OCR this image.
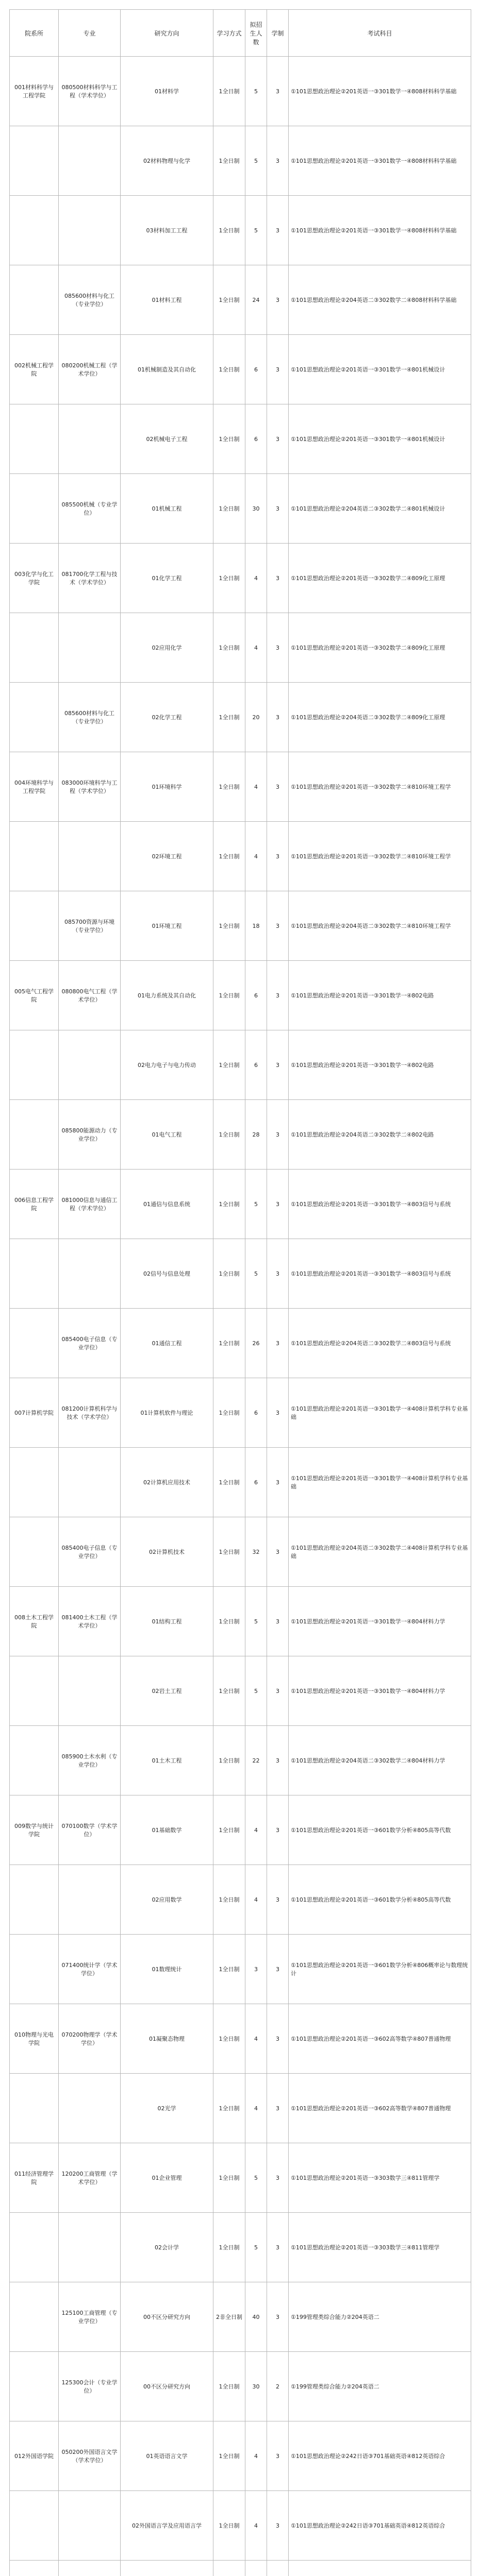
院系所	专业	研究方向	学习方式	拟招生人数	学制	考试科目
001材料科学与工程学院	080500材料科学与工程（学术学位）	01材料学	1全日制	5	3	①101思想政治理论②201英语一③301数学一④808材料科学基础
		02材料物理与化学	1全日制	5	3	①101思想政治理论②201英语一③301数学一④808材料科学基础
		03材料加工工程	1全日制	5	3	①101思想政治理论②201英语一③301数学一④808材料科学基础
	085600材料与化工（专业学位）	01材料工程	1全日制	24	3	①101思想政治理论②204英语二③302数学二④808材料科学基础
002机械工程学院	080200机械工程（学术学位）	01机械制造及其自动化	1全日制	6	3	①101思想政治理论②201英语一③301数学一④801机械设计
		02机械电子工程	1全日制	6	3	①101思想政治理论②201英语一③301数学一④801机械设计
	085500机械（专业学位）	01机械工程	1全日制	30	3	①101思想政治理论②204英语二③302数学二④801机械设计
003化学与化工学院	081700化学工程与技术（学术学位）	01化学工程	1全日制	4	3	①101思想政治理论②201英语一③302数学二④809化工原理
		02应用化学	1全日制	4	3	①101思想政治理论②201英语一③302数学二④809化工原理
	085600材料与化工（专业学位）	02化学工程	1全日制	20	3	①101思想政治理论②204英语二③302数学二④809化工原理
004环境科学与工程学院	083000环境科学与工程（学术学位）	01环境科学	1全日制	4	3	①101思想政治理论②201英语一③302数学二④810环境工程学
		02环境工程	1全日制	4	3	①101思想政治理论②201英语一③302数学二④810环境工程学
	085700资源与环境（专业学位）	01环境工程	1全日制	18	3	①101思想政治理论②204英语二③302数学二④810环境工程学
005电气工程学院	080800电气工程（学术学位）	01电力系统及其自动化	1全日制	6	3	①101思想政治理论②201英语一③301数学一④802电路
		02电力电子与电力传动	1全日制	6	3	①101思想政治理论②201英语一③301数学一④802电路
	085800能源动力（专业学位）	01电气工程	1全日制	28	3	①101思想政治理论②204英语二③302数学二④802电路
006信息工程学院	081000信息与通信工程（学术学位）	01通信与信息系统	1全日制	5	3	①101思想政治理论②201英语一③301数学一④803信号与系统
		02信号与信息处理	1全日制	5	3	①101思想政治理论②201英语一③301数学一④803信号与系统
	085400电子信息（专业学位）	01通信工程	1全日制	26	3	①101思想政治理论②204英语二③302数学二④803信号与系统
007计算机学院	081200计算机科学与技术（学术学位）	01计算机软件与理论	1全日制	6	3	①101思想政治理论②201英语一③301数学一④408计算机学科专业基础
		02计算机应用技术	1全日制	6	3	①101思想政治理论②201英语一③301数学一④408计算机学科专业基础
	085400电子信息（专业学位）	02计算机技术	1全日制	32	3	①101思想政治理论②204英语二③302数学二④408计算机学科专业基础
008土木工程学院	081400土木工程（学术学位）	01结构工程	1全日制	5	3	①101思想政治理论②201英语一③301数学一④804材料力学
		02岩土工程	1全日制	5	3	①101思想政治理论②201英语一③301数学一④804材料力学
	085900土木水利（专业学位）	01土木工程	1全日制	22	3	①101思想政治理论②204英语二③302数学二④804材料力学
009数学与统计学院	070100数学（学术学位）	01基础数学	1全日制	4	3	①101思想政治理论②201英语一③601数学分析④805高等代数
		02应用数学	1全日制	4	3	①101思想政治理论②201英语一③601数学分析④805高等代数
	071400统计学（学术学位）	01数理统计	1全日制	3	3	①101思想政治理论②201英语一③601数学分析④806概率论与数理统计
010物理与光电学院	070200物理学（学术学位）	01凝聚态物理	1全日制	4	3	①101思想政治理论②201英语一③602高等数学④807普通物理
		02光学	1全日制	4	3	①101思想政治理论②201英语一③602高等数学④807普通物理
011经济管理学院	120200工商管理（学术学位）	01企业管理	1全日制	5	3	①101思想政治理论②201英语一③303数学三④811管理学
		02会计学	1全日制	5	3	①101思想政治理论②201英语一③303数学三④811管理学
	125100工商管理（专业学位）	00不区分研究方向	2非全日制	40	3	①199管理类综合能力②204英语二
	125300会计（专业学位）	00不区分研究方向	1全日制	30	2	①199管理类综合能力②204英语二
012外国语学院	050200外国语言文学（学术学位）	01英语语言文学	1全日制	4	3	①101思想政治理论②242日语③701基础英语④812英语综合
		02外国语言学及应用语言学	1全日制	4	3	①101思想政治理论②242日语③701基础英语④812英语综合
